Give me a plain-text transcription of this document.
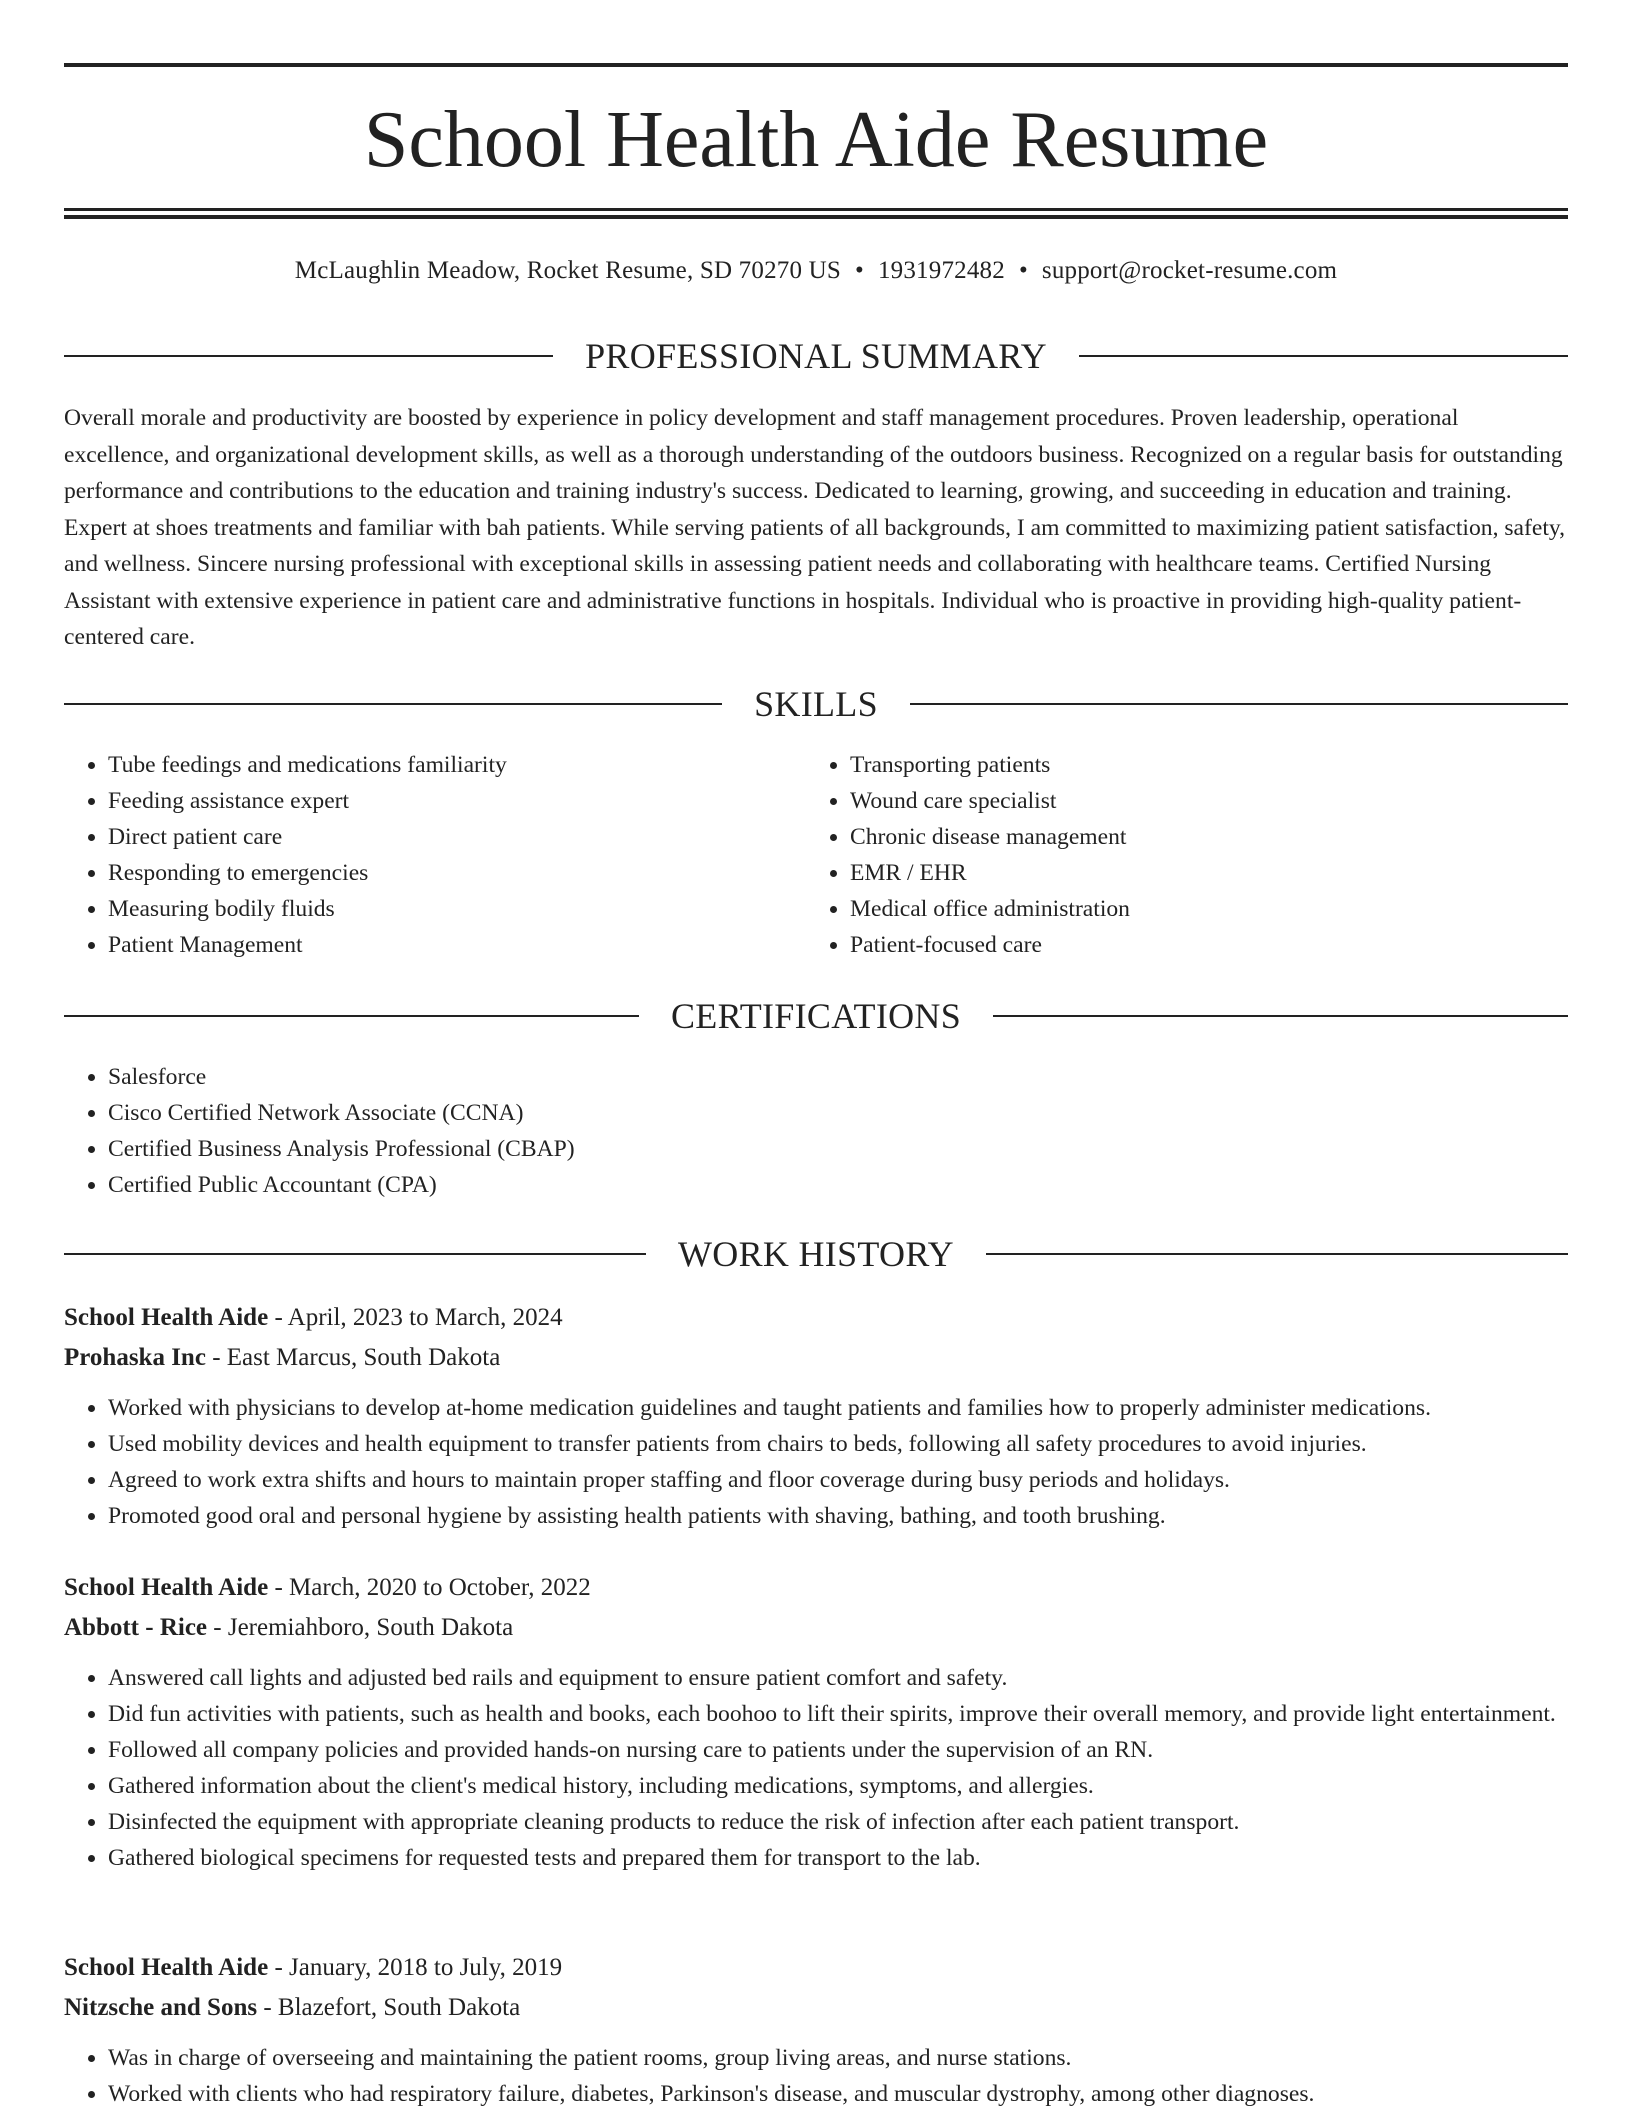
School Health Aide Resume
McLaughlin Meadow, Rocket Resume, SD 70270 US • 1931972482 • support@rocket-resume.com
PROFESSIONAL SUMMARY

Overall morale and productivity are boosted by experience in policy development and staff management procedures. Proven leadership, operational excellence, and organizational development skills, as well as a thorough understanding of the outdoors business. Recognized on a regular basis for outstanding performance and contributions to the education and training industry's success. Dedicated to learning, growing, and succeeding in education and training. Expert at shoes treatments and familiar with bah patients. While serving patients of all backgrounds, I am committed to maximizing patient satisfaction, safety, and wellness. Sincere nursing professional with exceptional skills in assessing patient needs and collaborating with healthcare teams. Certified Nursing Assistant with extensive experience in patient care and administrative functions in hospitals. Individual who is proactive in providing high-quality patient-centered care.

SKILLS
• Tube feedings and medications familiarity
• Feeding assistance expert
• Direct patient care
• Responding to emergencies
• Measuring bodily fluids
• Patient Management
• Transporting patients
• Wound care specialist
• Chronic disease management
• EMR / EHR
• Medical office administration
• Patient-focused care
CERTIFICATIONS
• Salesforce
• Cisco Certified Network Associate (CCNA)
• Certified Business Analysis Professional (CBAP)
• Certified Public Accountant (CPA)
WORK HISTORY
School Health Aide - April, 2023 to March, 2024
Prohaska Inc - East Marcus, South Dakota
• Worked with physicians to develop at-home medication guidelines and taught patients and families how to properly administer medications.
• Used mobility devices and health equipment to transfer patients from chairs to beds, following all safety procedures to avoid injuries.
• Agreed to work extra shifts and hours to maintain proper staffing and floor coverage during busy periods and holidays.
• Promoted good oral and personal hygiene by assisting health patients with shaving, bathing, and tooth brushing.
School Health Aide - March, 2020 to October, 2022
Abbott - Rice - Jeremiahboro, South Dakota
• Answered call lights and adjusted bed rails and equipment to ensure patient comfort and safety.
• Did fun activities with patients, such as health and books, each boohoo to lift their spirits, improve their overall memory, and provide light entertainment.
• Followed all company policies and provided hands-on nursing care to patients under the supervision of an RN.
• Gathered information about the client's medical history, including medications, symptoms, and allergies.
• Disinfected the equipment with appropriate cleaning products to reduce the risk of infection after each patient transport.
• Gathered biological specimens for requested tests and prepared them for transport to the lab.
School Health Aide - January, 2018 to July, 2019
Nitzsche and Sons - Blazefort, South Dakota
• Was in charge of overseeing and maintaining the patient rooms, group living areas, and nurse stations.
• Worked with clients who had respiratory failure, diabetes, Parkinson's disease, and muscular dystrophy, among other diagnoses.
